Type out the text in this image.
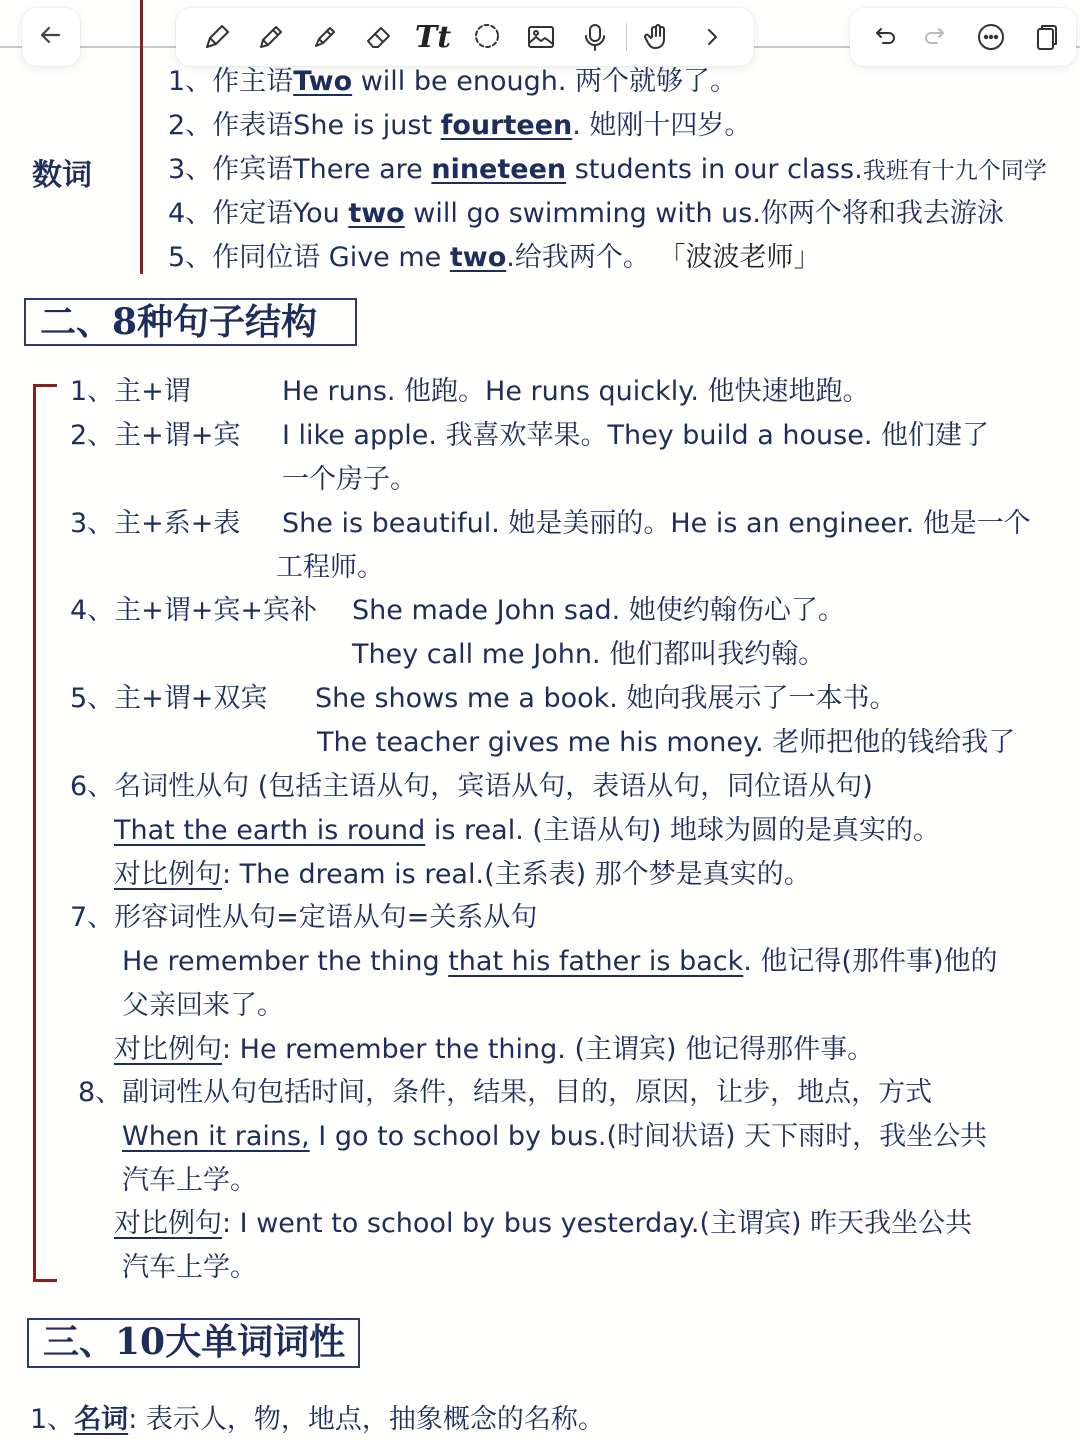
Tt
数词
1、作主语Two will be enough. 两个就够了。
2、作表语She is just fourteen. 她刚十四岁。
3、作宾语There are nineteen students in our class.我班有十九个同学
4、作定语You two will go swimming with us.你两个将和我去游泳
5、作同位语 Give me two.给我两个。 「波波老师」
二、8种句子结构
1、主+谓	He runs. 他跑。He runs quickly. 他快速地跑。
2、主+谓+宾 I like apple. 我喜欢苹果。They build a house. 他们建了
一个房子。
3、主+系+表 She is beautiful. 她是美丽的。He is an engineer. 他是一个
工程师。
4、主+谓+宾+宾补 She made John sad. 她使约翰伤心了。
They call me John. 他们都叫我约翰。
5、主+谓+双宾 She shows me a book. 她向我展示了一本书。
The teacher gives me his money. 老师把他的钱给我了
6、名词性从句 (包括主语从句，宾语从句，表语从句，同位语从句)
That the earth is round is real. (主语从句) 地球为圆的是真实的。
对比例句: The dream is real.(主系表) 那个梦是真实的。
7、形容词性从句=定语从句=关系从句
He remember the thing that his father is back. 他记得(那件事)他的
父亲回来了。
对比例句: He remember the thing. (主谓宾) 他记得那件事。
8、副词性从句包括时间，条件，结果，目的，原因，让步，地点，方式
When it rains, I go to school by bus.(时间状语) 天下雨时，我坐公共
汽车上学。
对比例句: I went to school by bus yesterday.(主谓宾) 昨天我坐公共
汽车上学。
三、10大单词词性
1、名词: 表示人，物，地点，抽象概念的名称。
